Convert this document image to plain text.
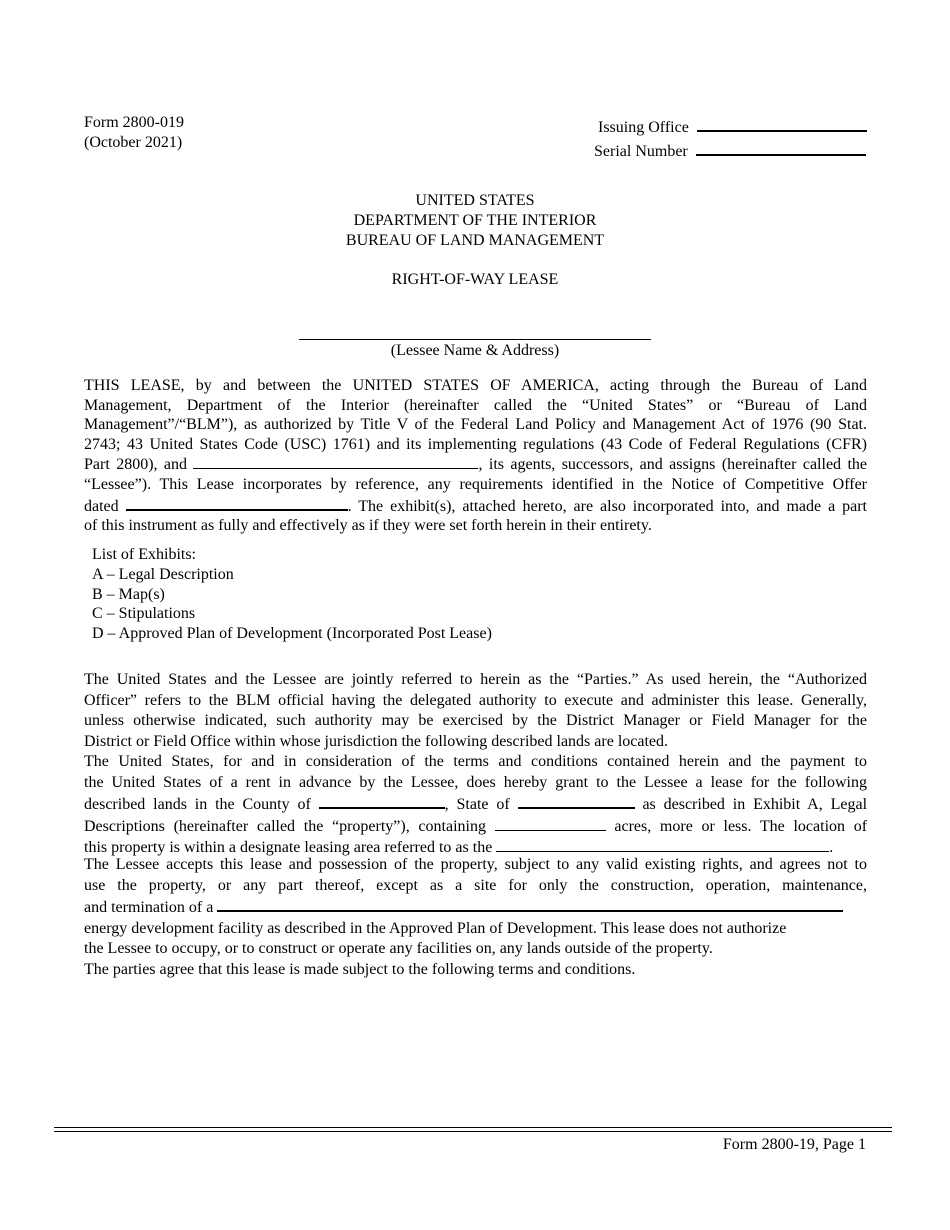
Form 2800-019
(October 2021)
Issuing Office
Serial Number
UNITED STATES
DEPARTMENT OF THE INTERIOR
BUREAU OF LAND MANAGEMENT
RIGHT-OF-WAY LEASE
(Lessee Name & Address)
THIS LEASE, by and between the UNITED STATES OF AMERICA, acting through the Bureau of Land
Management, Department of the Interior (hereinafter called the “United States” or “Bureau of Land
Management”/“BLM”), as authorized by Title V of the Federal Land Policy and Management Act of 1976 (90 Stat.
2743; 43 United States Code (USC) 1761) and its implementing regulations (43 Code of Federal Regulations (CFR)
Part 2800), and	, its agents, successors, and assigns (hereinafter called the
“Lessee”). This Lease incorporates by reference, any requirements identified in the Notice of Competitive Offer
dated	. The exhibit(s), attached hereto, are also incorporated into, and made a part
of this instrument as fully and effectively as if they were set forth herein in their entirety.
List of Exhibits:
A – Legal Description
B – Map(s)
C – Stipulations
D – Approved Plan of Development (Incorporated Post Lease)
The United States and the Lessee are jointly referred to herein as the “Parties.” As used herein, the “Authorized
Officer” refers to the BLM official having the delegated authority to execute and administer this lease. Generally,
unless otherwise indicated, such authority may be exercised by the District Manager or Field Manager for the
District or Field Office within whose jurisdiction the following described lands are located.
The United States, for and in consideration of the terms and conditions contained herein and the payment to
the United States of a rent in advance by the Lessee, does hereby grant to the Lessee a lease for the following
described lands in the County of	, State of	as described in Exhibit A, Legal
Descriptions (hereinafter called the “property”), containing	acres, more or less. The location of
this property is within a designate leasing area referred to as the	.
The Lessee accepts this lease and possession of the property, subject to any valid existing rights, and agrees not to
use the property, or any part thereof, except as a site for only the construction, operation, maintenance,
and termination of a
energy development facility as described in the Approved Plan of Development. This lease does not authorize
the Lessee to occupy, or to construct or operate any facilities on, any lands outside of the property.
The parties agree that this lease is made subject to the following terms and conditions.
Form 2800-19, Page 1
